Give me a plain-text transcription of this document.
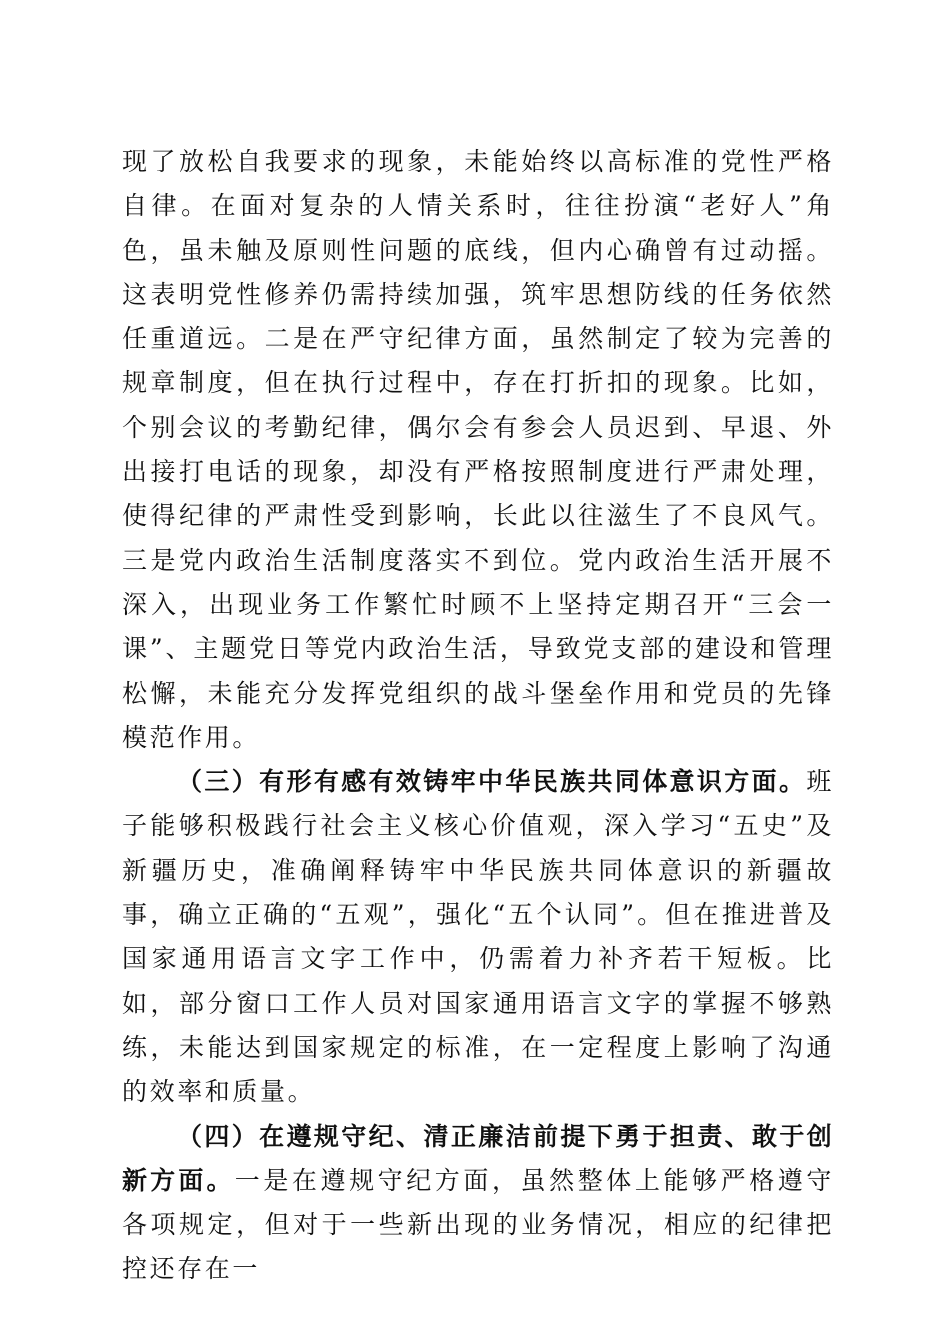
现了放松自我要求的现象，未能始终以高标准的党性严格自律。在面对复杂的人情关系时，往往扮演“老好人”角色，虽未触及原则性问题的底线，但内心确曾有过动摇。这表明党性修养仍需持续加强，筑牢思想防线的任务依然任重道远。二是在严守纪律方面，虽然制定了较为完善的规章制度，但在执行过程中，存在打折扣的现象。比如，个别会议的考勤纪律，偶尔会有参会人员迟到、早退、外出接打电话的现象，却没有严格按照制度进行严肃处理，使得纪律的严肃性受到影响，长此以往滋生了不良风气。三是党内政治生活制度落实不到位。党内政治生活开展不深入，出现业务工作繁忙时顾不上坚持定期召开“三会一课”、主题党日等党内政治生活，导致党支部的建设和管理松懈，未能充分发挥党组织的战斗堡垒作用和党员的先锋模范作用。

（三）有形有感有效铸牢中华民族共同体意识方面。班子能够积极践行社会主义核心价值观，深入学习“五史”及新疆历史，准确阐释铸牢中华民族共同体意识的新疆故事，确立正确的“五观”，强化“五个认同”。但在推进普及国家通用语言文字工作中，仍需着力补齐若干短板。比如，部分窗口工作人员对国家通用语言文字的掌握不够熟练，未能达到国家规定的标准，在一定程度上影响了沟通的效率和质量。

（四）在遵规守纪、清正廉洁前提下勇于担责、敢于创新方面。一是在遵规守纪方面，虽然整体上能够严格遵守各项规定，但对于一些新出现的业务情况，相应的纪律把控还存在一
